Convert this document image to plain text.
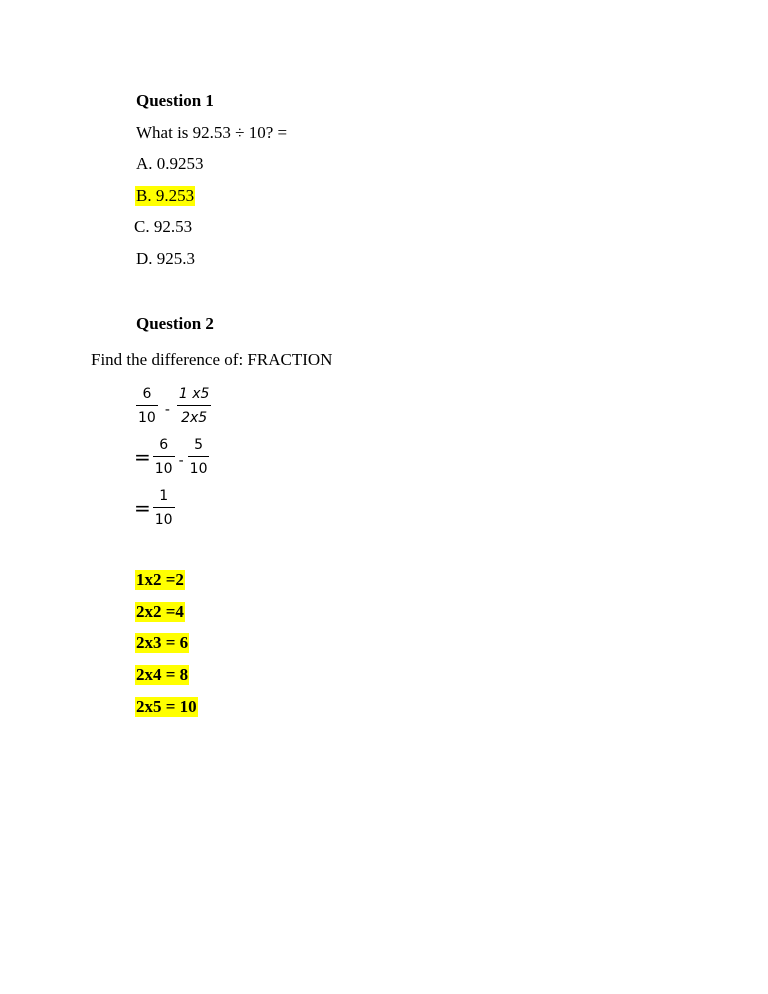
Question 1
What is 92.53 ÷ 10? =
A. 0.9253
B. 9.253
C. 92.53
D. 925.3
Question 2
Find the difference of: FRACTION
$\frac{6}{10} - \frac{1 x5}{2x5}$
= $\frac{6}{10} - \frac{5}{10}$
= $\frac{1}{10}$
1x2 =2
2x2 =4
2x3 = 6
2x4 = 8
2x5 = 10
